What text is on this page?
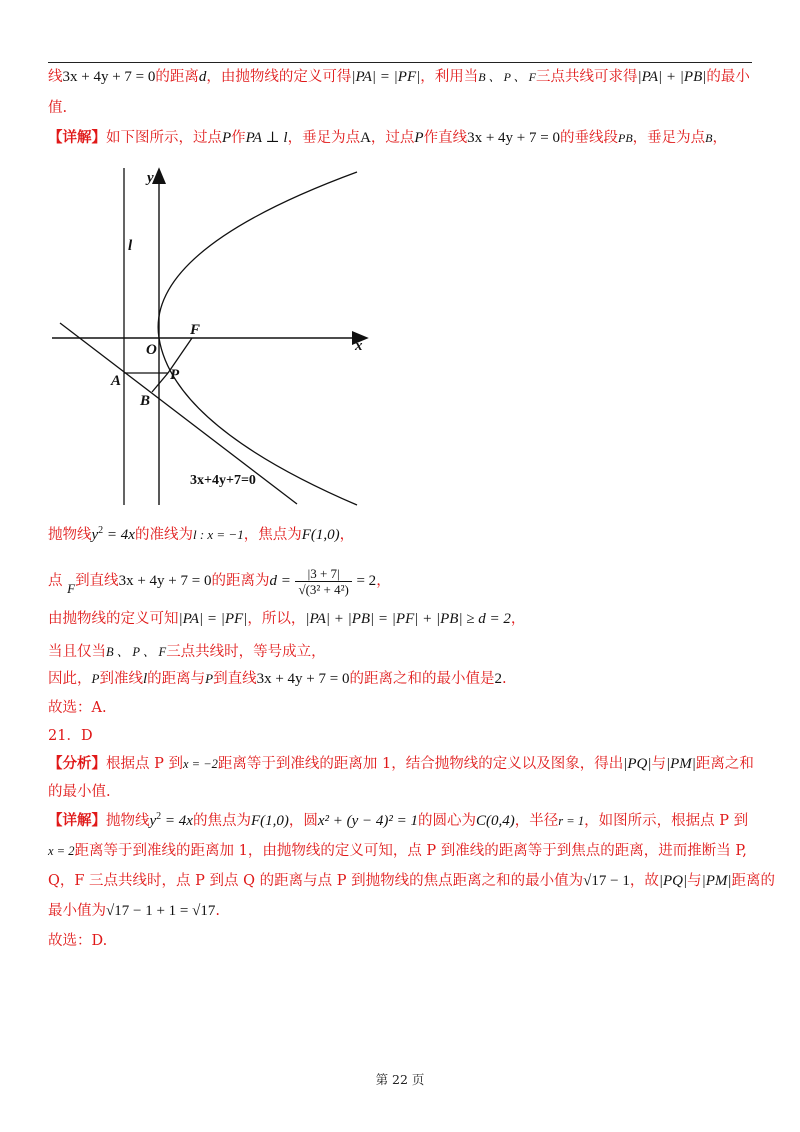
线3x + 4y + 7 = 0的距离d，由抛物线的定义可得|PA| = |PF|，利用当B 、 P 、 F三点共线可求得|PA| + |PB|的最小
值.
【详解】如下图所示，过点P作PA ⊥ l，垂足为点A，过点P作直线3x + 4y + 7 = 0的垂线段PB，垂足为点B，
y
x
l
O
F
A	P
B
3x+4y+7=0
抛物线$y^2 = 4x$的准线为l : x = −1，焦点为F(1,0)，
点 F到直线3x + 4y + 7 = 0的距离为$d = \frac{|3 + 7|}{\text{√(3² + 4²)}} = 2$，
由抛物线的定义可知|PA| = |PF|，所以，|PA| + |PB| = |PF| + |PB| ≥ d = 2，
当且仅当B 、 P 、 F三点共线时，等号成立，
因此，P到准线l的距离与P到直线3x + 4y + 7 = 0的距离之和的最小值是2.
故选：A.
21．D
【分析】根据点 P 到x = −2距离等于到准线的距离加 1，结合抛物线的定义以及图象，得出|PQ|与|PM|距离之和
的最小值.
【详解】抛物线$y^2 = 4x$的焦点为F(1,0)，圆x² + (y − 4)² = 1的圆心为C(0,4)，半径r = 1，如图所示，根据点 P 到
x = 2距离等于到准线的距离加 1，由抛物线的定义可知，点 P 到准线的距离等于到焦点的距离，进而推断当 P,
Q，F 三点共线时，点 P 到点 Q 的距离与点 P 到抛物线的焦点距离之和的最小值为√17 − 1，故|PQ|与|PM|距离的
最小值为√17 − 1 + 1 = √17.
故选：D.
第 22 页
